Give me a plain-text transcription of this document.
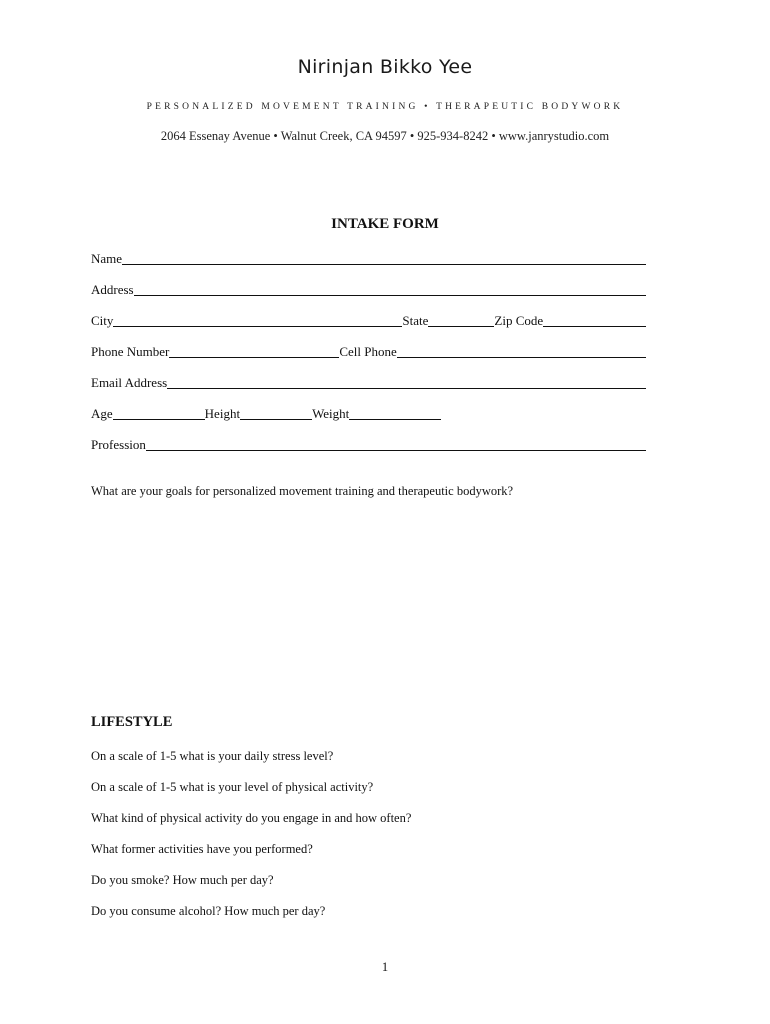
Nirinjan Bikko Yee
PERSONALIZED MOVEMENT TRAINING • THERAPEUTIC BODYWORK
2064 Essenay Avenue • Walnut Creek, CA 94597 • 925-934-8242 • www.janrystudio.com
INTAKE FORM
Name
Address
City	State	Zip Code
Phone Number	Cell Phone
Email Address
Age	Height	Weight
Profession
What are your goals for personalized movement training and therapeutic bodywork?
LIFESTYLE
On a scale of 1-5 what is your daily stress level?
On a scale of 1-5 what is your level of physical activity?
What kind of physical activity do you engage in and how often?
What former activities have you performed?
Do you smoke? How much per day?
Do you consume alcohol? How much per day?
1
